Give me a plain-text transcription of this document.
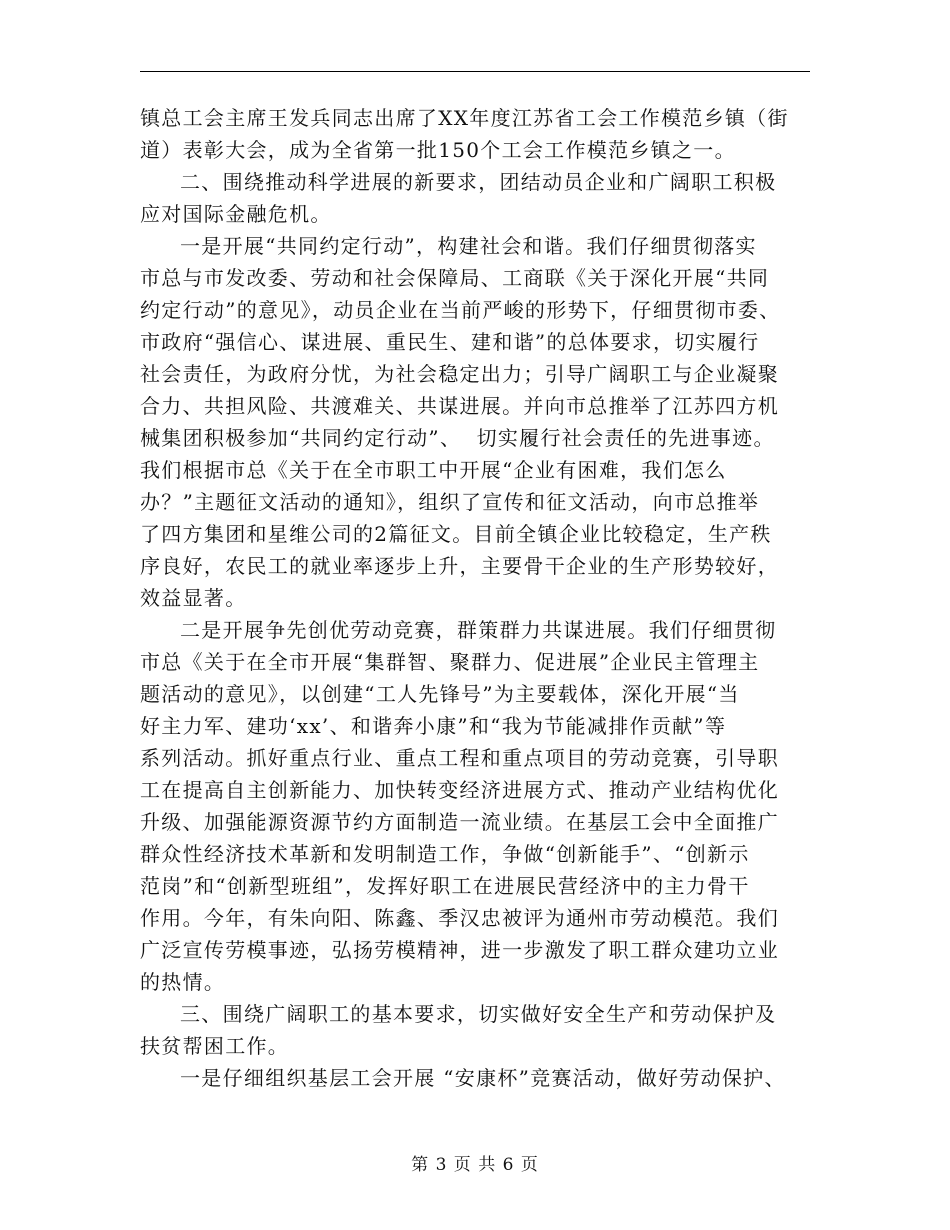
镇总工会主席王发兵同志出席了XX年度江苏省工会工作模范乡镇（街
道）表彰大会，成为全省第一批150个工会工作模范乡镇之一。
二、围绕推动科学进展的新要求，团结动员企业和广阔职工积极
应对国际金融危机。
一是开展“共同约定行动”，构建社会和谐。我们仔细贯彻落实
市总与市发改委、劳动和社会保障局、工商联《关于深化开展“共同
约定行动”的意见》，动员企业在当前严峻的形势下，仔细贯彻市委、
市政府“强信心、谋进展、重民生、建和谐”的总体要求，切实履行
社会责任，为政府分忧，为社会稳定出力；引导广阔职工与企业凝聚
合力、共担风险、共渡难关、共谋进展。并向市总推举了江苏四方机
械集团积极参加“共同约定行动”、  切实履行社会责任的先进事迹。
我们根据市总《关于在全市职工中开展“企业有困难，我们怎么
办？”主题征文活动的通知》，组织了宣传和征文活动，向市总推举
了四方集团和星维公司的2篇征文。目前全镇企业比较稳定，生产秩
序良好，农民工的就业率逐步上升，主要骨干企业的生产形势较好，
效益显著。
二是开展争先创优劳动竞赛，群策群力共谋进展。我们仔细贯彻
市总《关于在全市开展“集群智、聚群力、促进展”企业民主管理主
题活动的意见》，以创建“工人先锋号”为主要载体，深化开展“当
好主力军、建功‘xx’、和谐奔小康”和“我为节能减排作贡献”等
系列活动。抓好重点行业、重点工程和重点项目的劳动竞赛，引导职
工在提高自主创新能力、加快转变经济进展方式、推动产业结构优化
升级、加强能源资源节约方面制造一流业绩。在基层工会中全面推广
群众性经济技术革新和发明制造工作，争做“创新能手”、“创新示
范岗”和“创新型班组”，发挥好职工在进展民营经济中的主力骨干
作用。今年，有朱向阳、陈鑫、季汉忠被评为通州市劳动模范。我们
广泛宣传劳模事迹，弘扬劳模精神，进一步激发了职工群众建功立业
的热情。
三、围绕广阔职工的基本要求，切实做好安全生产和劳动保护及
扶贫帮困工作。
一是仔细组织基层工会开展 “安康杯”竞赛活动，做好劳动保护、
第 3 页 共 6 页
